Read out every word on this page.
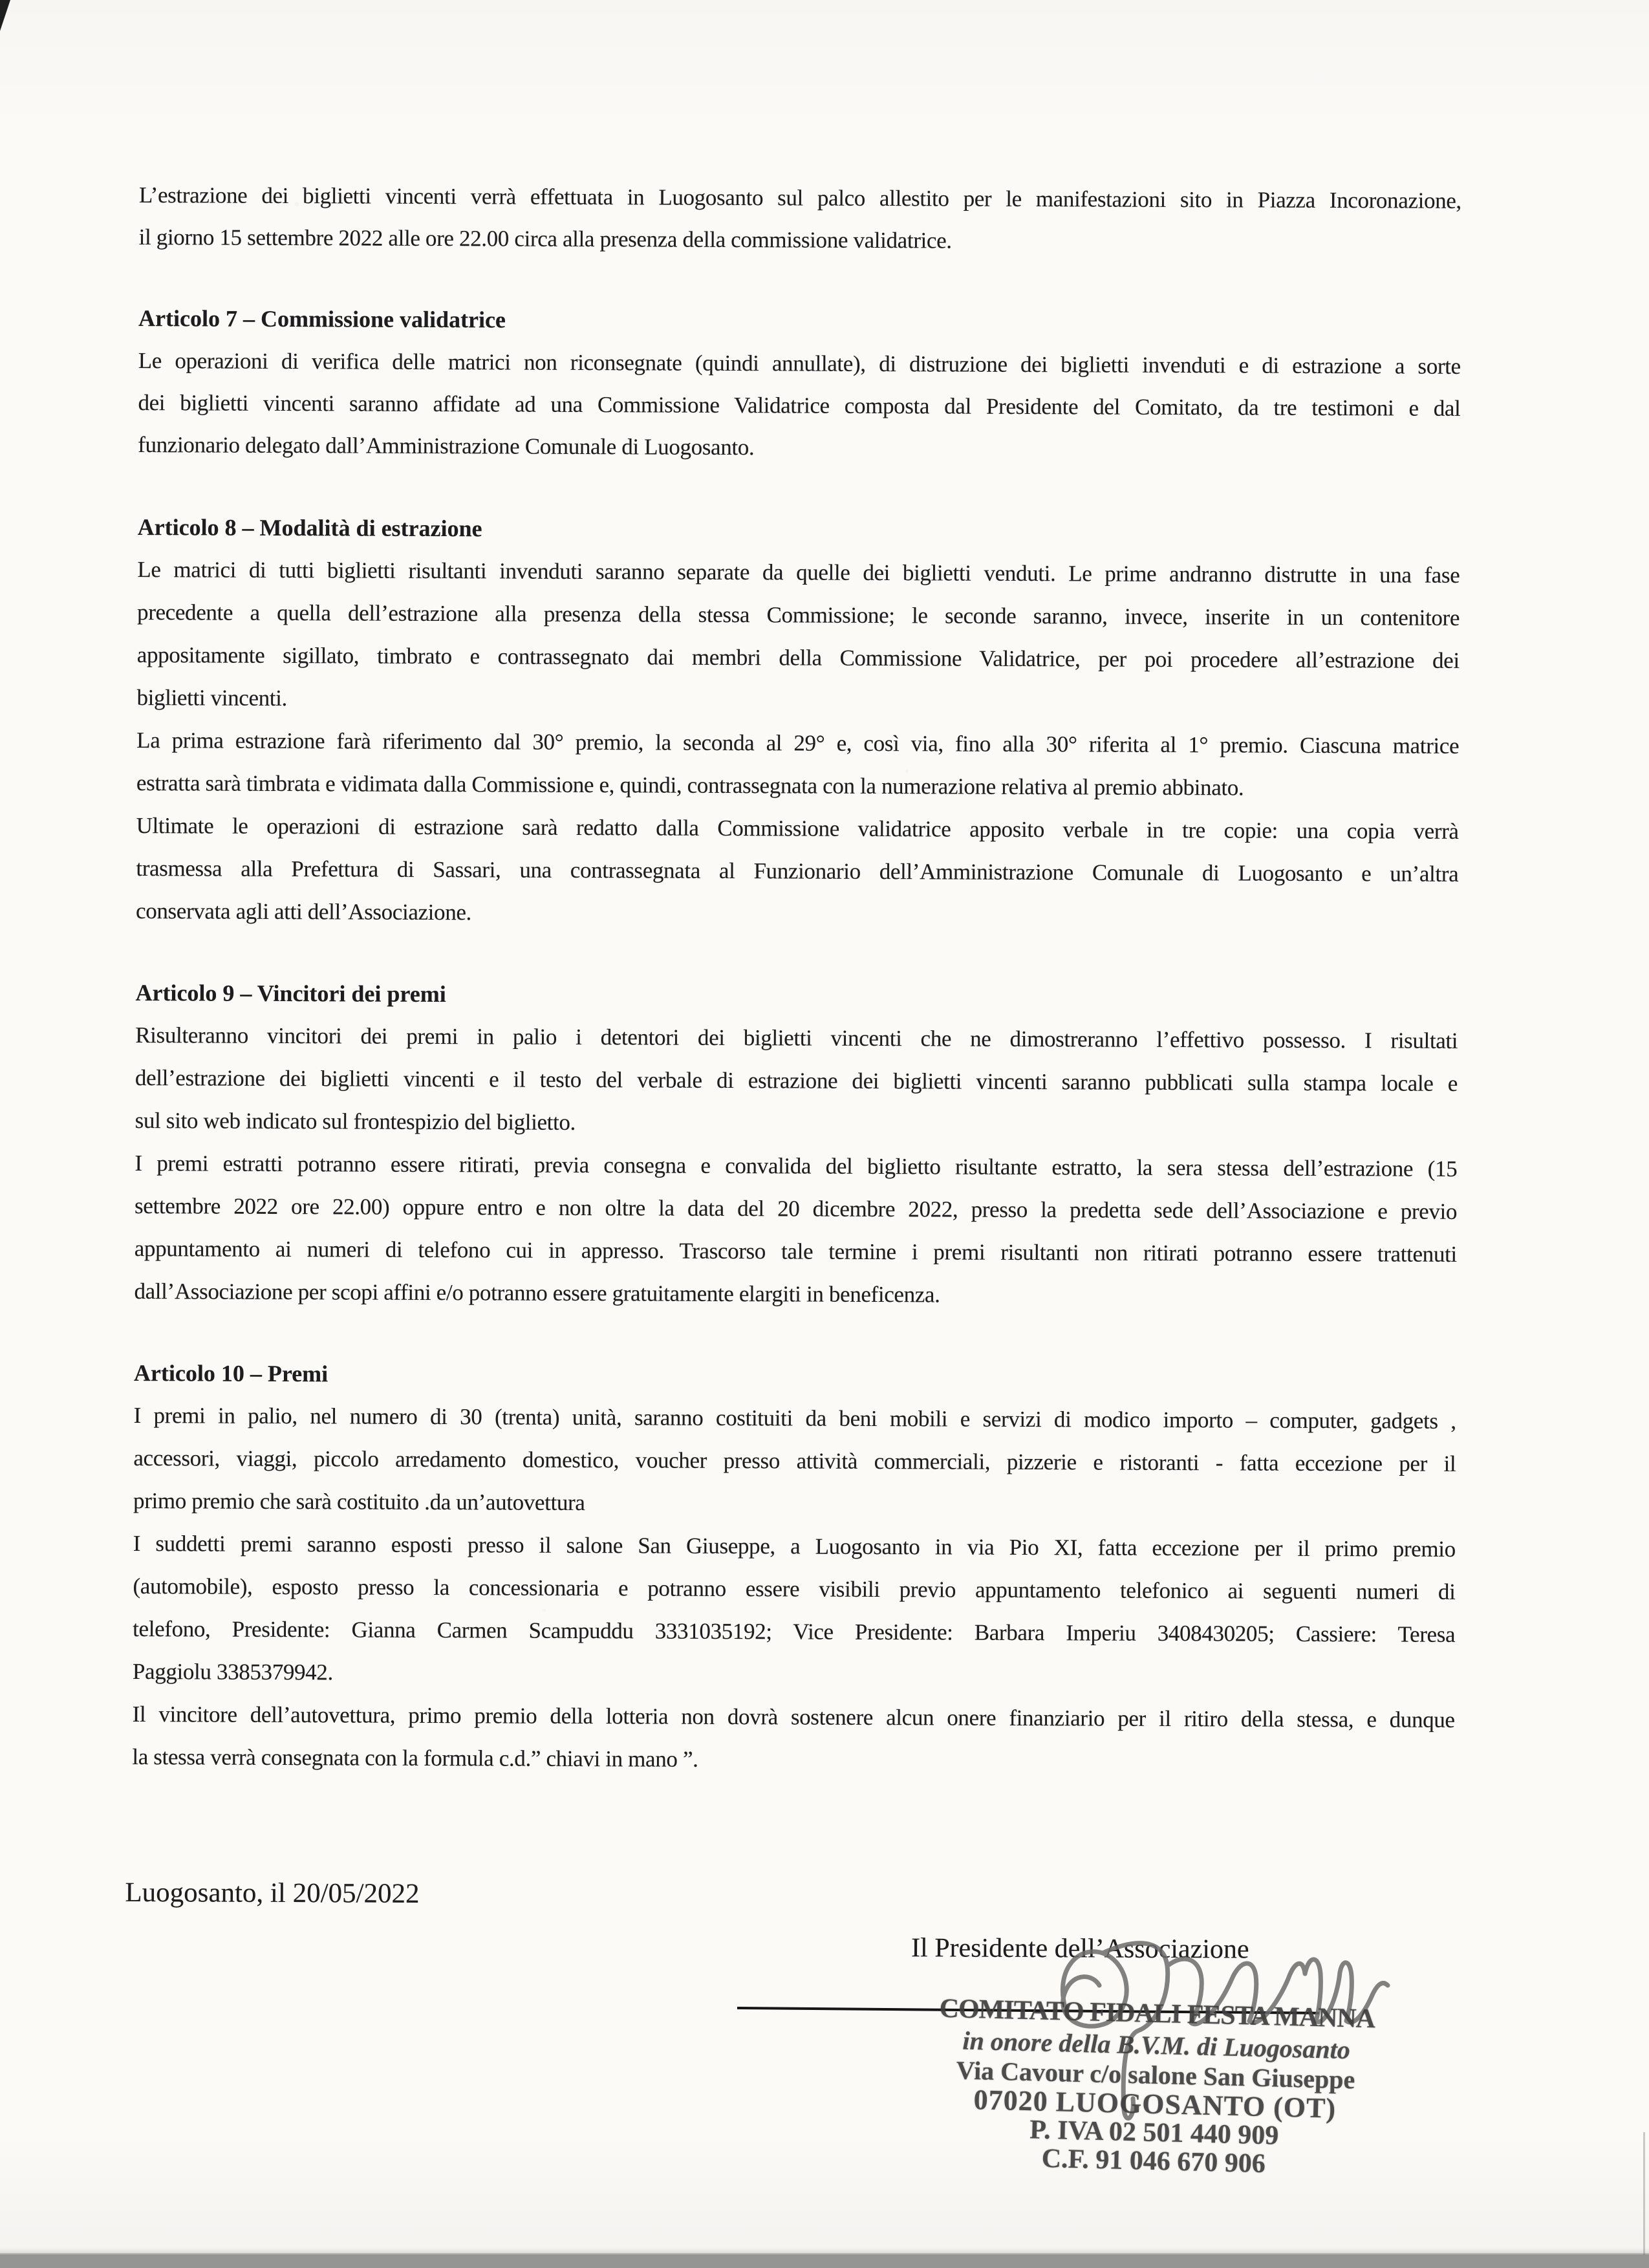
L’estrazione dei biglietti vincenti verrà effettuata in Luogosanto sul palco allestito per le manifestazioni sito in Piazza Incoronazione,
il giorno 15 settembre 2022 alle ore 22.00 circa alla presenza della commissione validatrice.
Articolo 7 – Commissione validatrice
Le operazioni di verifica delle matrici non riconsegnate (quindi annullate), di distruzione dei biglietti invenduti e di estrazione a sorte
dei biglietti vincenti saranno affidate ad una Commissione Validatrice composta dal Presidente del Comitato, da tre testimoni e dal
funzionario delegato dall’Amministrazione Comunale di Luogosanto.
Articolo 8 – Modalità di estrazione
Le matrici di tutti biglietti risultanti invenduti saranno separate da quelle dei biglietti venduti. Le prime andranno distrutte in una fase
precedente a quella dell’estrazione alla presenza della stessa Commissione; le seconde saranno, invece, inserite in un contenitore
appositamente sigillato, timbrato e contrassegnato dai membri della Commissione Validatrice, per poi procedere all’estrazione dei
biglietti vincenti.
La prima estrazione farà riferimento dal 30° premio, la seconda al 29° e, così via, fino alla 30° riferita al 1° premio. Ciascuna matrice
estratta sarà timbrata e vidimata dalla Commissione e, quindi, contrassegnata con la numerazione relativa al premio abbinato.
Ultimate le operazioni di estrazione sarà redatto dalla Commissione validatrice apposito verbale in tre copie: una copia verrà
trasmessa alla Prefettura di Sassari, una contrassegnata al Funzionario dell’Amministrazione Comunale di Luogosanto e un’altra
conservata agli atti dell’Associazione.
Articolo 9 – Vincitori dei premi
Risulteranno vincitori dei premi in palio i detentori dei biglietti vincenti che ne dimostreranno l’effettivo possesso. I risultati
dell’estrazione dei biglietti vincenti e il testo del verbale di estrazione dei biglietti vincenti saranno pubblicati sulla stampa locale e
sul sito web indicato sul frontespizio del biglietto.
I premi estratti potranno essere ritirati, previa consegna e convalida del biglietto risultante estratto, la sera stessa dell’estrazione (15
settembre 2022 ore 22.00) oppure entro e non oltre la data del 20 dicembre 2022, presso la predetta sede dell’Associazione e previo
appuntamento ai numeri di telefono cui in appresso. Trascorso tale termine i premi risultanti non ritirati potranno essere trattenuti
dall’Associazione per scopi affini e/o potranno essere gratuitamente elargiti in beneficenza.
Articolo 10 – Premi
I premi in palio, nel numero di 30 (trenta) unità, saranno costituiti da beni mobili e servizi di modico importo – computer, gadgets ,
accessori, viaggi, piccolo arredamento domestico, voucher presso attività commerciali, pizzerie e ristoranti - fatta eccezione per il
primo premio che sarà costituito .da un’autovettura
I suddetti premi saranno esposti presso il salone San Giuseppe, a Luogosanto in via Pio XI, fatta eccezione per il primo premio
(automobile), esposto presso la concessionaria e potranno essere visibili previo appuntamento telefonico ai seguenti numeri di
telefono, Presidente: Gianna Carmen Scampuddu 3331035192; Vice Presidente: Barbara Imperiu 3408430205; Cassiere: Teresa
Paggiolu 3385379942.
Il vincitore dell’autovettura, primo premio della lotteria non dovrà sostenere alcun onere finanziario per il ritiro della stessa, e dunque
la stessa verrà consegnata con la formula c.d.” chiavi in mano ”.
Luogosanto, il 20/05/2022
Il Presidente dell’Associazione
COMITATO FIDALI FESTA MANNA
in onore della B.V.M. di Luogosanto
Via Cavour c/o salone San Giuseppe
07020 LUOGOSANTO (OT)
P. IVA 02 501 440 909
C.F. 91 046 670 906
